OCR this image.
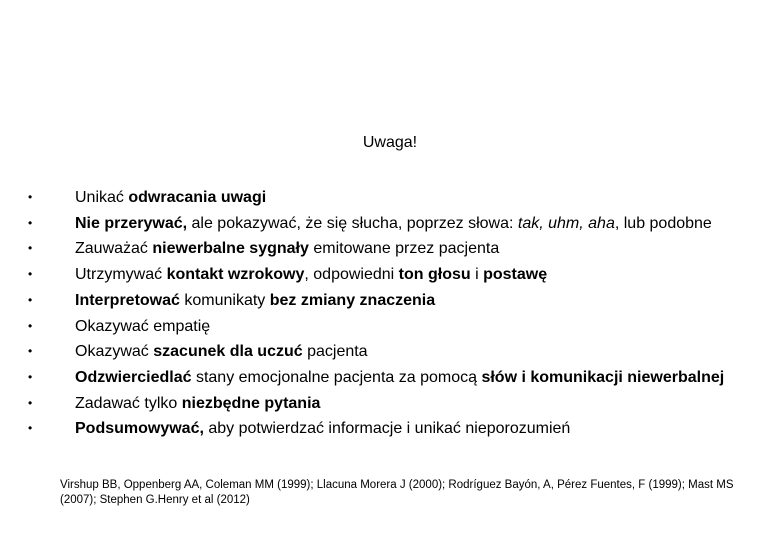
Uwaga!
•	Unikać odwracania uwagi
•	Nie przerywać, ale pokazywać, że się słucha, poprzez słowa: tak, uhm, aha, lub podobne
•	Zauważać niewerbalne sygnały emitowane przez pacjenta
•	Utrzymywać kontakt wzrokowy, odpowiedni ton głosu i postawę
•	Interpretować komunikaty bez zmiany znaczenia
•	Okazywać empatię
•	Okazywać szacunek dla uczuć pacjenta
•	Odzwierciedlać stany emocjonalne pacjenta za pomocą słów i komunikacji niewerbalnej
•	Zadawać tylko niezbędne pytania
•	Podsumowywać, aby potwierdzać informacje i unikać nieporozumień
Virshup BB, Oppenberg AA, Coleman MM (1999); Llacuna Morera J (2000); Rodríguez Bayón, A, Pérez Fuentes, F (1999); Mast MS (2007); Stephen G.Henry et al (2012)
